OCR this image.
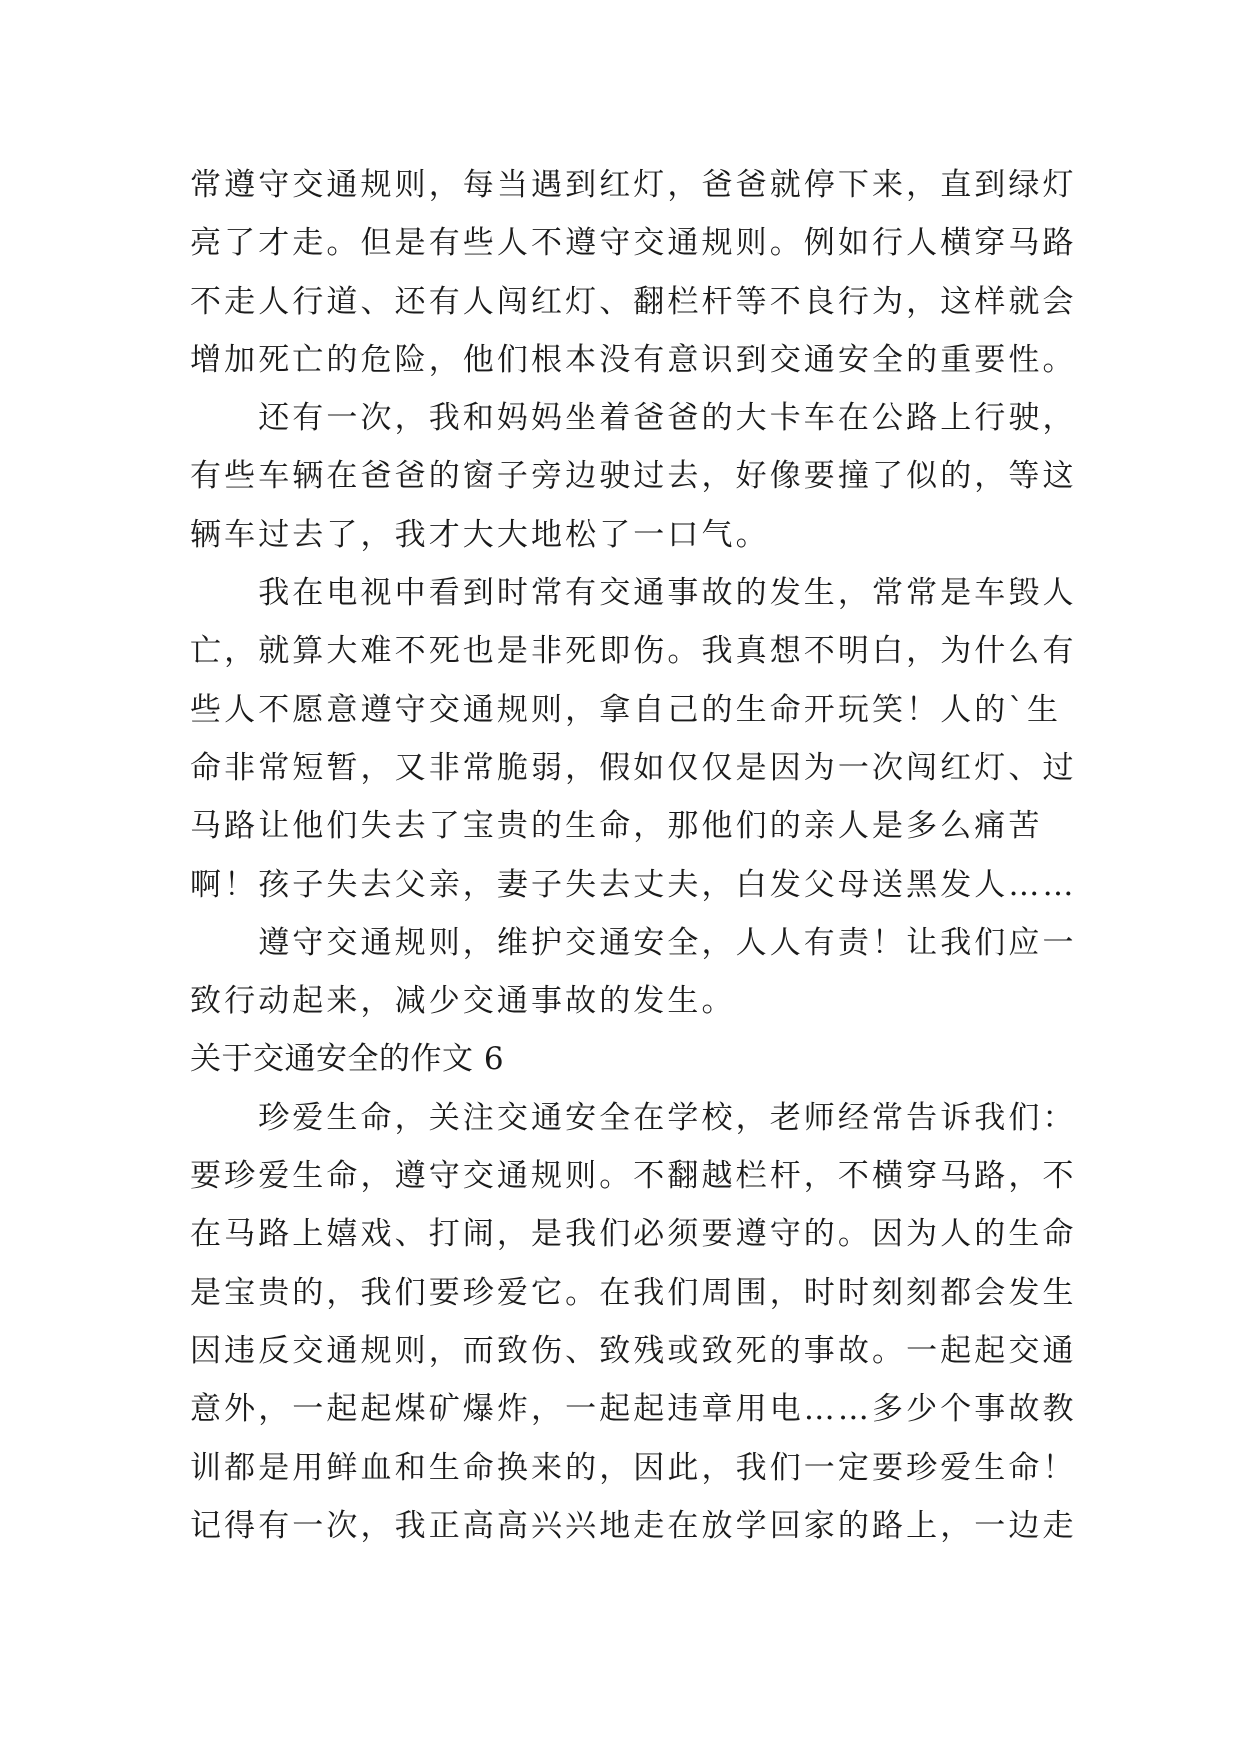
常遵守交通规则，每当遇到红灯，爸爸就停下来，直到绿灯
亮了才走。但是有些人不遵守交通规则。例如行人横穿马路
不走人行道、还有人闯红灯、翻栏杆等不良行为，这样就会
增加死亡的危险，他们根本没有意识到交通安全的重要性。
　　还有一次，我和妈妈坐着爸爸的大卡车在公路上行驶，
有些车辆在爸爸的窗子旁边驶过去，好像要撞了似的，等这
辆车过去了，我才大大地松了一口气。
　　我在电视中看到时常有交通事故的发生，常常是车毁人
亡，就算大难不死也是非死即伤。我真想不明白，为什么有
些人不愿意遵守交通规则，拿自己的生命开玩笑！人的`生
命非常短暂，又非常脆弱，假如仅仅是因为一次闯红灯、过
马路让他们失去了宝贵的生命，那他们的亲人是多么痛苦
啊！孩子失去父亲，妻子失去丈夫，白发父母送黑发人……
　　遵守交通规则，维护交通安全，人人有责！让我们应一
致行动起来，减少交通事故的发生。
关于交通安全的作文 6
　　珍爱生命，关注交通安全在学校，老师经常告诉我们：
要珍爱生命，遵守交通规则。不翻越栏杆，不横穿马路，不
在马路上嬉戏、打闹，是我们必须要遵守的。因为人的生命
是宝贵的，我们要珍爱它。在我们周围，时时刻刻都会发生
因违反交通规则，而致伤、致残或致死的事故。一起起交通
意外，一起起煤矿爆炸，一起起违章用电……多少个事故教
训都是用鲜血和生命换来的，因此，我们一定要珍爱生命！
记得有一次，我正高高兴兴地走在放学回家的路上，一边走
